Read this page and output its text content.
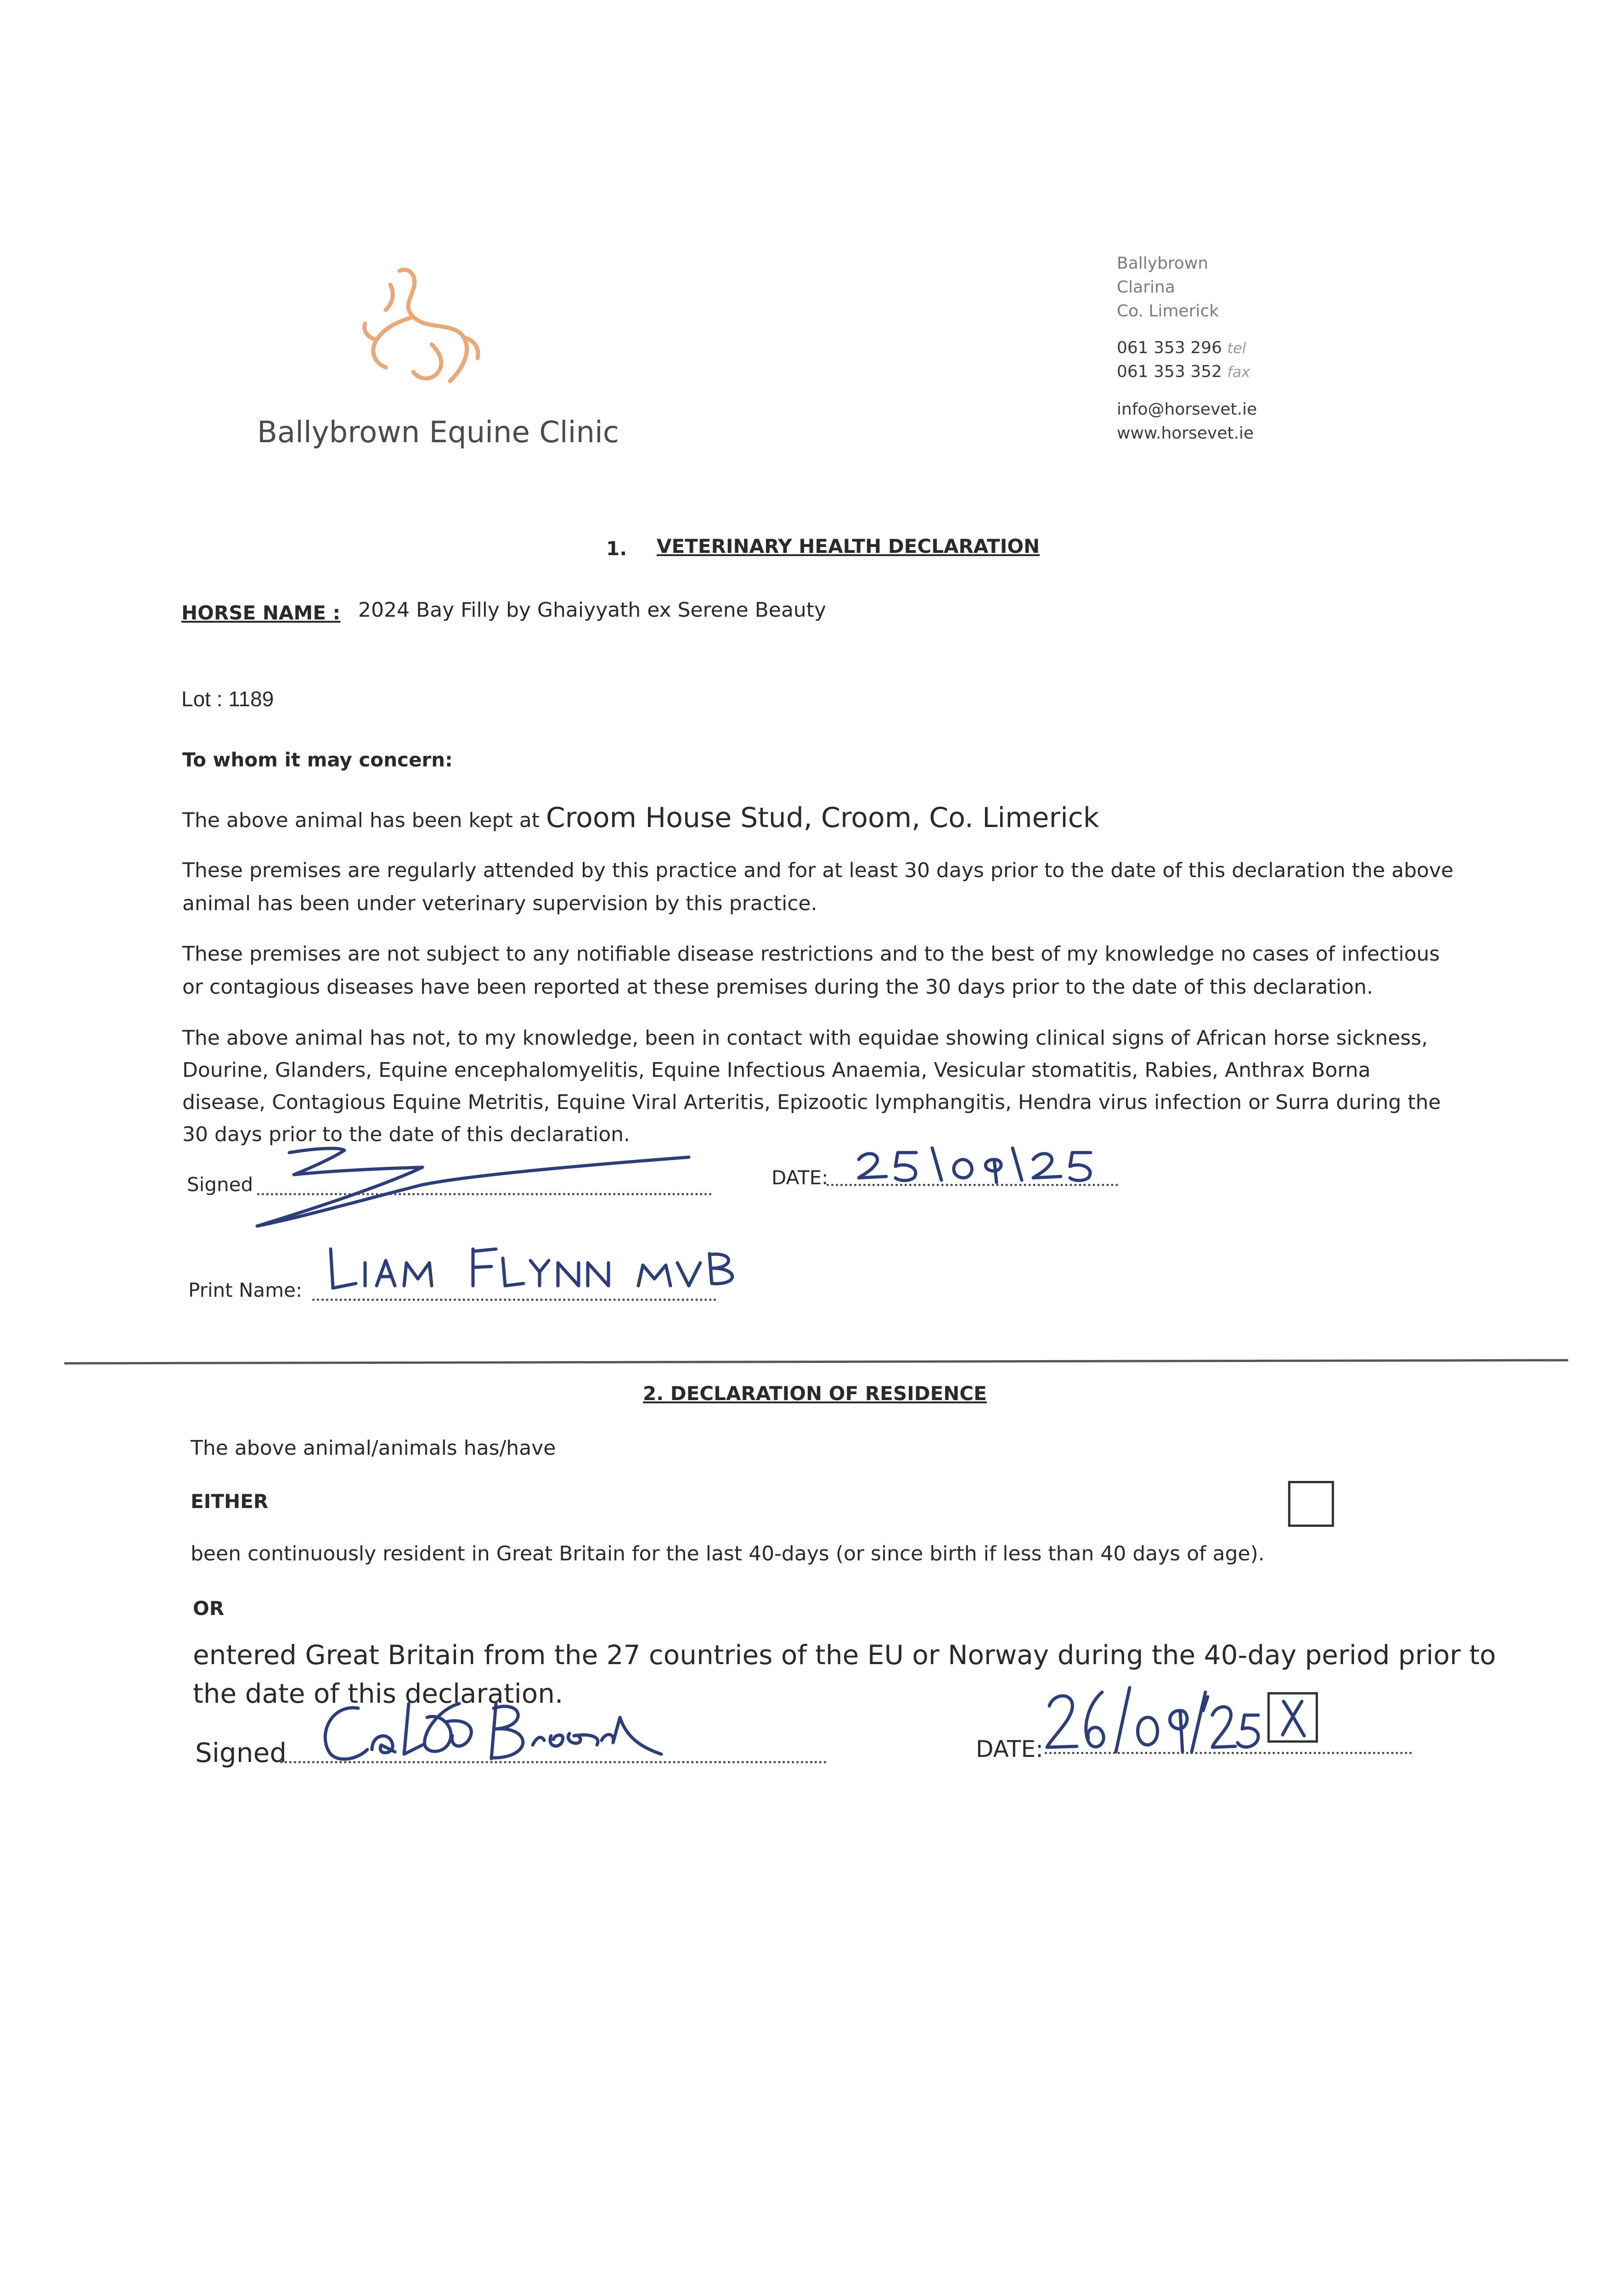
Ballybrown Equine Clinic
Ballybrown
Clarina
Co. Limerick
061 353 296 tel
061 353 352 fax
info@horsevet.ie
www.horsevet.ie
1. VETERINARY HEALTH DECLARATION
HORSE NAME : 2024 Bay Filly by Ghaiyyath ex Serene Beauty
Lot : 1189
To whom it may concern:
The above animal has been kept at Croom House Stud, Croom, Co. Limerick
These premises are regularly attended by this practice and for at least 30 days prior to the date of this declaration the above
animal has been under veterinary supervision by this practice.
These premises are not subject to any notifiable disease restrictions and to the best of my knowledge no cases of infectious
or contagious diseases have been reported at these premises during the 30 days prior to the date of this declaration.
The above animal has not, to my knowledge, been in contact with equidae showing clinical signs of African horse sickness,
Dourine, Glanders, Equine encephalomyelitis, Equine Infectious Anaemia, Vesicular stomatitis, Rabies, Anthrax Borna
disease, Contagious Equine Metritis, Equine Viral Arteritis, Epizootic lymphangitis, Hendra virus infection or Surra during the
30 days prior to the date of this declaration.
Signed	DATE:
Print Name:
2. DECLARATION OF RESIDENCE
The above animal/animals has/have
EITHER
been continuously resident in Great Britain for the last 40-days (or since birth if less than 40 days of age).
OR
entered Great Britain from the 27 countries of the EU or Norway during the 40-day period prior to
the date of this declaration.
Signed	DATE:
